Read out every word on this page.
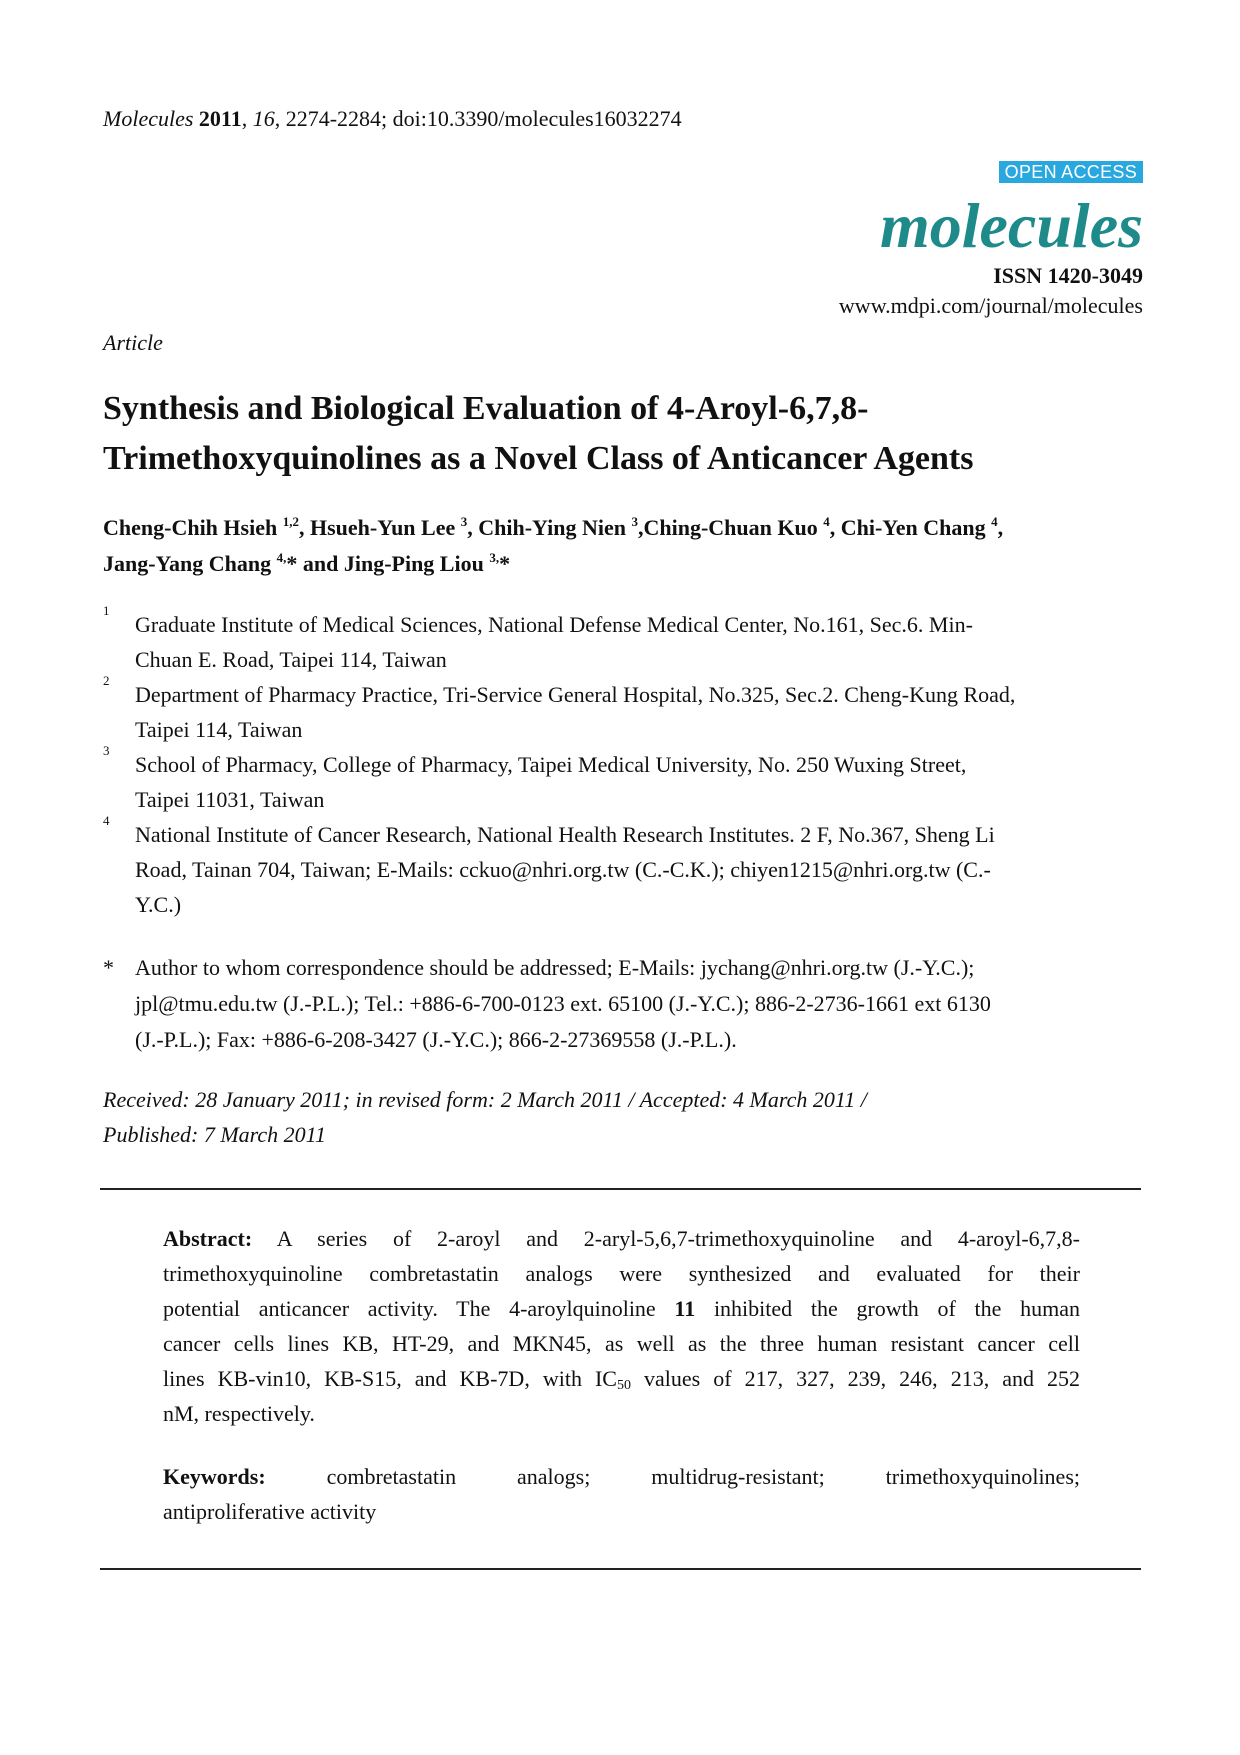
Molecules 2011, 16, 2274-2284; doi:10.3390/molecules16032274
OPEN ACCESS
molecules
ISSN 1420-3049
www.mdpi.com/journal/molecules
Article
Synthesis and Biological Evaluation of 4-Aroyl-6,7,8-
Trimethoxyquinolines as a Novel Class of Anticancer Agents
Cheng-Chih Hsieh $^{1,2}$, Hsueh-Yun Lee $^3$, Chih-Ying Nien $^3$,Ching-Chuan Kuo $^4$, Chi-Yen Chang $^4$,
Jang-Yang Chang $^{4,}$* and Jing-Ping Liou $^{3,}$*
1
Graduate Institute of Medical Sciences, National Defense Medical Center, No.161, Sec.6. Min-
Chuan E. Road, Taipei 114, Taiwan
2
Department of Pharmacy Practice, Tri-Service General Hospital, No.325, Sec.2. Cheng-Kung Road,
Taipei 114, Taiwan
3
School of Pharmacy, College of Pharmacy, Taipei Medical University, No. 250 Wuxing Street,
Taipei 11031, Taiwan
4
National Institute of Cancer Research, National Health Research Institutes. 2 F, No.367, Sheng Li
Road, Tainan 704, Taiwan; E-Mails: cckuo@nhri.org.tw (C.-C.K.); chiyen1215@nhri.org.tw (C.-
Y.C.)
* Author to whom correspondence should be addressed; E-Mails: jychang@nhri.org.tw (J.-Y.C.);
jpl@tmu.edu.tw (J.-P.L.); Tel.: +886-6-700-0123 ext. 65100 (J.-Y.C.); 886-2-2736-1661 ext 6130
(J.-P.L.); Fax: +886-6-208-3427 (J.-Y.C.); 866-2-27369558 (J.-P.L.).
Received: 28 January 2011; in revised form: 2 March 2011 / Accepted: 4 March 2011 /
Published: 7 March 2011
Abstract: A series of 2-aroyl and 2-aryl-5,6,7-trimethoxyquinoline and 4-aroyl-6,7,8-
trimethoxyquinoline combretastatin analogs were synthesized and evaluated for their
potential anticancer activity. The 4-aroylquinoline 11 inhibited the growth of the human
cancer cells lines KB, HT-29, and MKN45, as well as the three human resistant cancer cell
lines KB-vin10, KB-S15, and KB-7D, with $IC_{50}$ values of 217, 327, 239, 246, 213, and 252
nM, respectively.
Keywords:	combretastatin analogs; multidrug-resistant; trimethoxyquinolines;
antiproliferative activity
